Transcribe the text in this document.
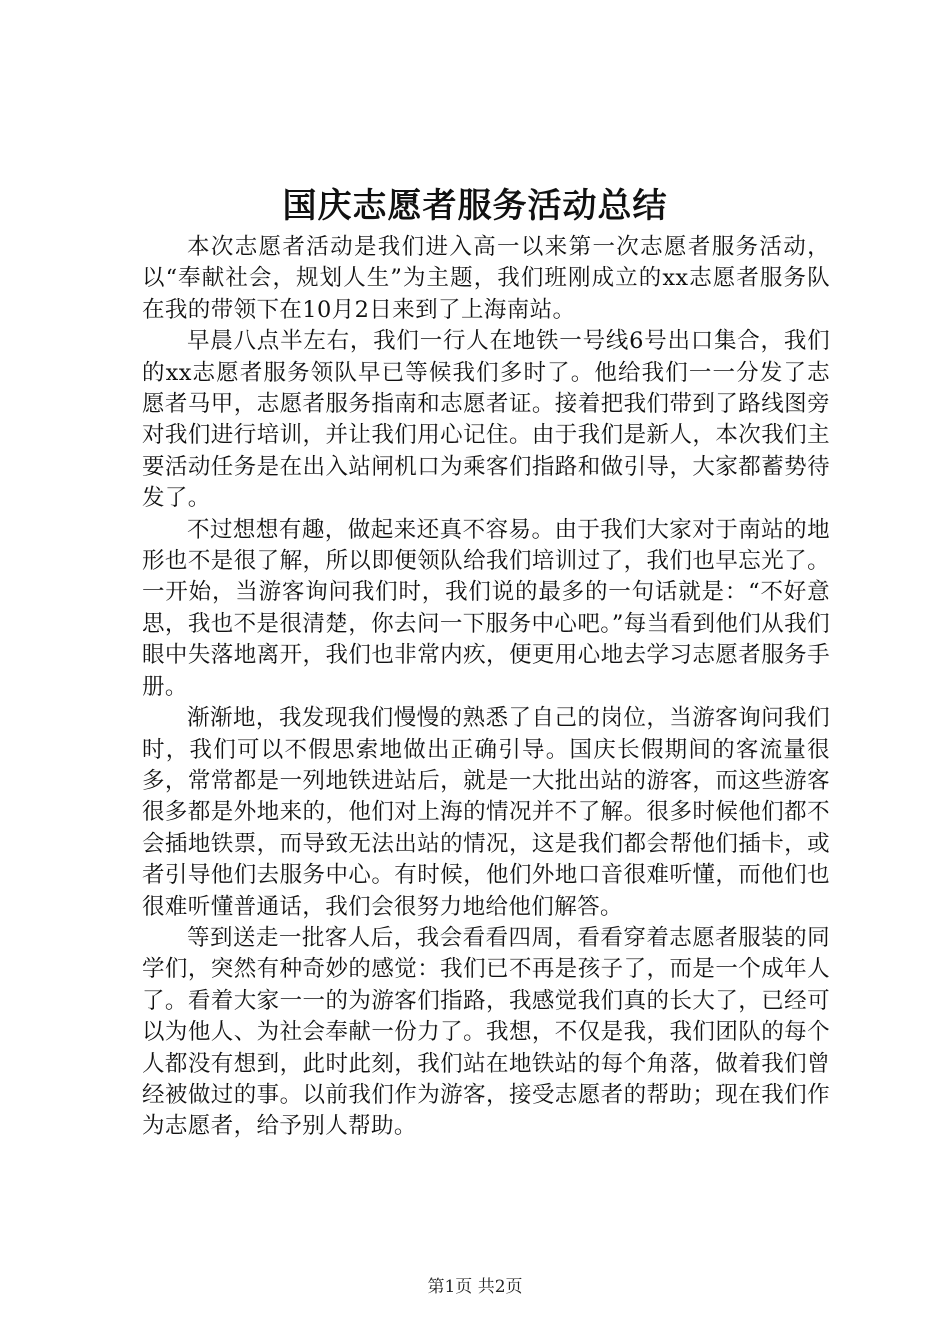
国庆志愿者服务活动总结

本次志愿者活动是我们进入高一以来第一次志愿者服务活动，以“奉献社会，规划人生”为主题，我们班刚成立的xx志愿者服务队在我的带领下在10月2日来到了上海南站。

早晨八点半左右，我们一行人在地铁一号线6号出口集合，我们的xx志愿者服务领队早已等候我们多时了。他给我们一一分发了志愿者马甲，志愿者服务指南和志愿者证。接着把我们带到了路线图旁对我们进行培训，并让我们用心记住。由于我们是新人，本次我们主要活动任务是在出入站闸机口为乘客们指路和做引导，大家都蓄势待发了。

不过想想有趣，做起来还真不容易。由于我们大家对于南站的地形也不是很了解，所以即便领队给我们培训过了，我们也早忘光了。一开始，当游客询问我们时，我们说的最多的一句话就是：“不好意思，我也不是很清楚，你去问一下服务中心吧。”每当看到他们从我们眼中失落地离开，我们也非常内疚，便更用心地去学习志愿者服务手册。

渐渐地，我发现我们慢慢的熟悉了自己的岗位，当游客询问我们时，我们可以不假思索地做出正确引导。国庆长假期间的客流量很多，常常都是一列地铁进站后，就是一大批出站的游客，而这些游客很多都是外地来的，他们对上海的情况并不了解。很多时候他们都不会插地铁票，而导致无法出站的情况，这是我们都会帮他们插卡，或者引导他们去服务中心。有时候，他们外地口音很难听懂，而他们也很难听懂普通话，我们会很努力地给他们解答。

等到送走一批客人后，我会看看四周，看看穿着志愿者服装的同学们，突然有种奇妙的感觉：我们已不再是孩子了，而是一个成年人了。看着大家一一的为游客们指路，我感觉我们真的长大了，已经可以为他人、为社会奉献一份力了。我想，不仅是我，我们团队的每个人都没有想到，此时此刻，我们站在地铁站的每个角落，做着我们曾经被做过的事。以前我们作为游客，接受志愿者的帮助；现在我们作为志愿者，给予别人帮助。

第1页 共2页
